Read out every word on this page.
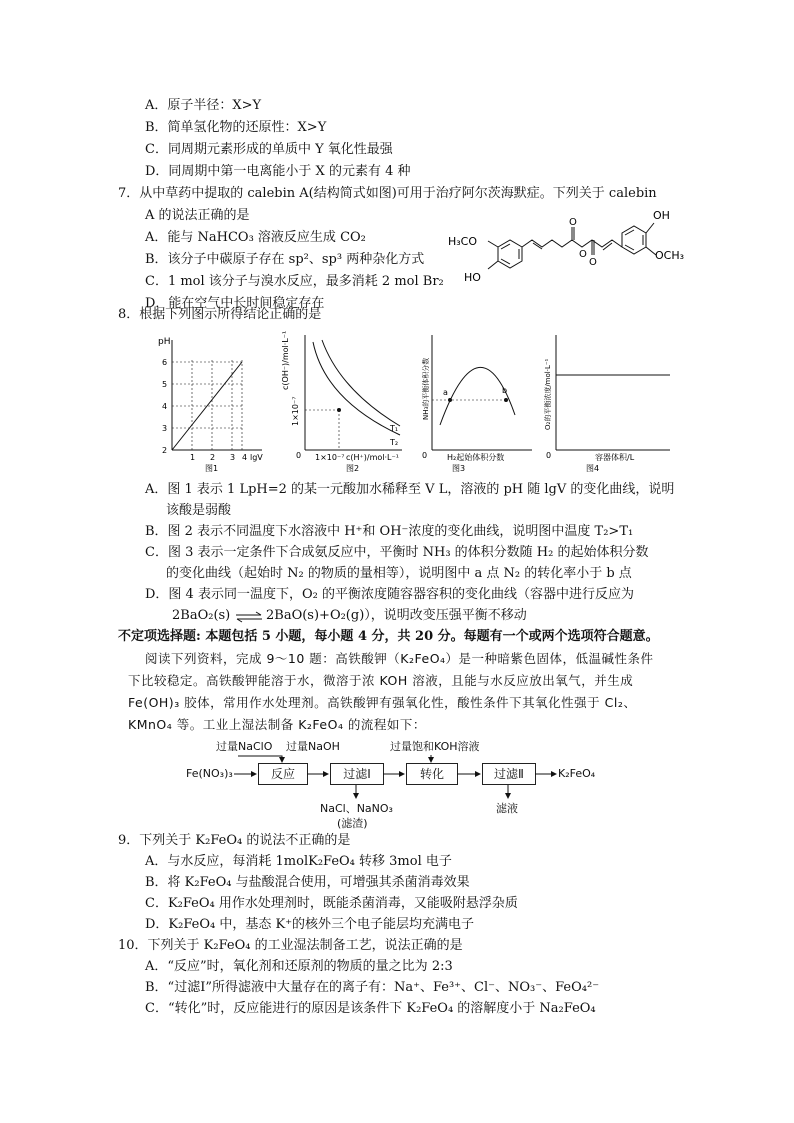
A．原子半径：X>Y
B．简单氢化物的还原性：X>Y
C．同周期元素形成的单质中 Y 氧化性最强
D．同周期中第一电离能小于 X 的元素有 4 种
7．从中草药中提取的 calebin A(结构简式如图)可用于治疗阿尔茨海默症。下列关于 calebin
A 的说法正确的是
A．能与 NaHCO₃ 溶液反应生成 CO₂
B．该分子中碳原子存在 sp²、sp³ 两种杂化方式
C．1 mol 该分子与溴水反应，最多消耗 2 mol Br₂
D．能在空气中长时间稳定存在
OH
OCH₃
H₃CO
HO
O
O
O
8．根据下列图示所得结论正确的是
pH
2
3
4
5
6
1 2 3 4 lgV
图1
c(OH⁻)/mol·L⁻¹
1×10⁻⁷
1×10⁻⁷ c(H⁺)/mol·L⁻¹
0
T₁
T₂
图2
a	b
NH₃的平衡体积分数
H₂起始体积分数
0
图3
O₂的平衡浓度/mol·L⁻¹
容器体积/L
0
图4
A．图 1 表示 1 LpH=2 的某一元酸加水稀释至 V L，溶液的 pH 随 lgV 的变化曲线，说明
该酸是弱酸
B．图 2 表示不同温度下水溶液中 H⁺和 OH⁻浓度的变化曲线，说明图中温度 T₂>T₁
C．图 3 表示一定条件下合成氨反应中，平衡时 NH₃ 的体积分数随 H₂ 的起始体积分数
的变化曲线（起始时 N₂ 的物质的量相等），说明图中 a 点 N₂ 的转化率小于 b 点
D．图 4 表示同一温度下，O₂ 的平衡浓度随容器容积的变化曲线（容器中进行反应为
2BaO₂(s) ⇌ 2BaO(s)+O₂(g)），说明改变压强平衡不移动
不定项选择题: 本题包括 5 小题，每小题 4 分，共 20 分。每题有一个或两个选项符合题意。
阅读下列资料，完成 9～10 题：高铁酸钾（K₂FeO₄）是一种暗紫色固体，低温碱性条件
下比较稳定。高铁酸钾能溶于水，微溶于浓 KOH 溶液，且能与水反应放出氧气，并生成
Fe(OH)₃ 胶体，常用作水处理剂。高铁酸钾有强氧化性，酸性条件下其氧化性强于 Cl₂、
KMnO₄ 等。工业上湿法制备 K₂FeO₄ 的流程如下：
过量NaClO 过量NaOH	过量饱和KOH溶液
Fe(NO₃)₃	反应	过滤Ⅰ	转化	过滤Ⅱ	K₂FeO₄
NaCl、NaNO₃
(滤渣)
滤液
9．下列关于 K₂FeO₄ 的说法不正确的是
A．与水反应，每消耗 1molK₂FeO₄ 转移 3mol 电子
B．将 K₂FeO₄ 与盐酸混合使用，可增强其杀菌消毒效果
C．K₂FeO₄ 用作水处理剂时，既能杀菌消毒，又能吸附悬浮杂质
D．K₂FeO₄ 中，基态 K⁺的核外三个电子能层均充满电子
10．下列关于 K₂FeO₄ 的工业湿法制备工艺，说法正确的是
A．“反应”时，氧化剂和还原剂的物质的量之比为 2:3
B．“过滤Ⅰ”所得滤液中大量存在的离子有：Na⁺、Fe³⁺、Cl⁻、NO₃⁻、FeO₄²⁻
C．“转化”时，反应能进行的原因是该条件下 K₂FeO₄ 的溶解度小于 Na₂FeO₄
